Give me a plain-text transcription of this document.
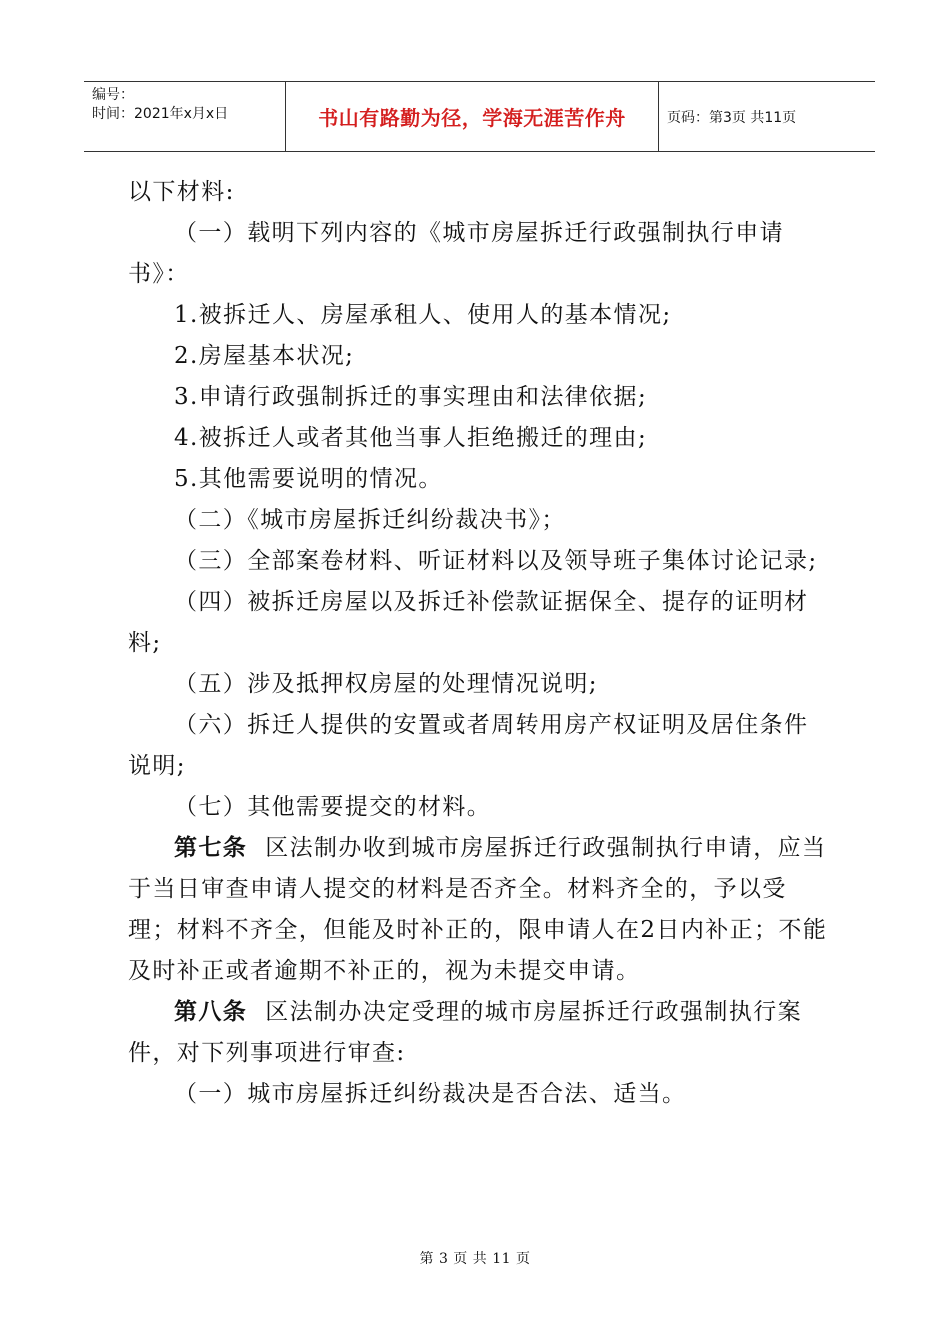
编号：
时间：2021年x月x日	书山有路勤为径，学海无涯苦作舟	页码：第3页 共11页

以下材料:

（一）载明下列内容的《城市房屋拆迁行政强制执行申请书》：

1.被拆迁人、房屋承租人、使用人的基本情况;

2.房屋基本状况;

3.申请行政强制拆迁的事实理由和法律依据;

4.被拆迁人或者其他当事人拒绝搬迁的理由;

5.其他需要说明的情况。

（二）《城市房屋拆迁纠纷裁决书》；

（三）全部案卷材料、听证材料以及领导班子集体讨论记录;

（四）被拆迁房屋以及拆迁补偿款证据保全、提存的证明材料;

（五）涉及抵押权房屋的处理情况说明;

（六）拆迁人提供的安置或者周转用房产权证明及居住条件说明;

（七）其他需要提交的材料。

第七条 区法制办收到城市房屋拆迁行政强制执行申请，应当于当日审查申请人提交的材料是否齐全。材料齐全的，予以受理；材料不齐全，但能及时补正的，限申请人在2日内补正；不能及时补正或者逾期不补正的，视为未提交申请。

第八条 区法制办决定受理的城市房屋拆迁行政强制执行案件，对下列事项进行审查:

（一）城市房屋拆迁纠纷裁决是否合法、适当。

第 3 页 共 11 页
